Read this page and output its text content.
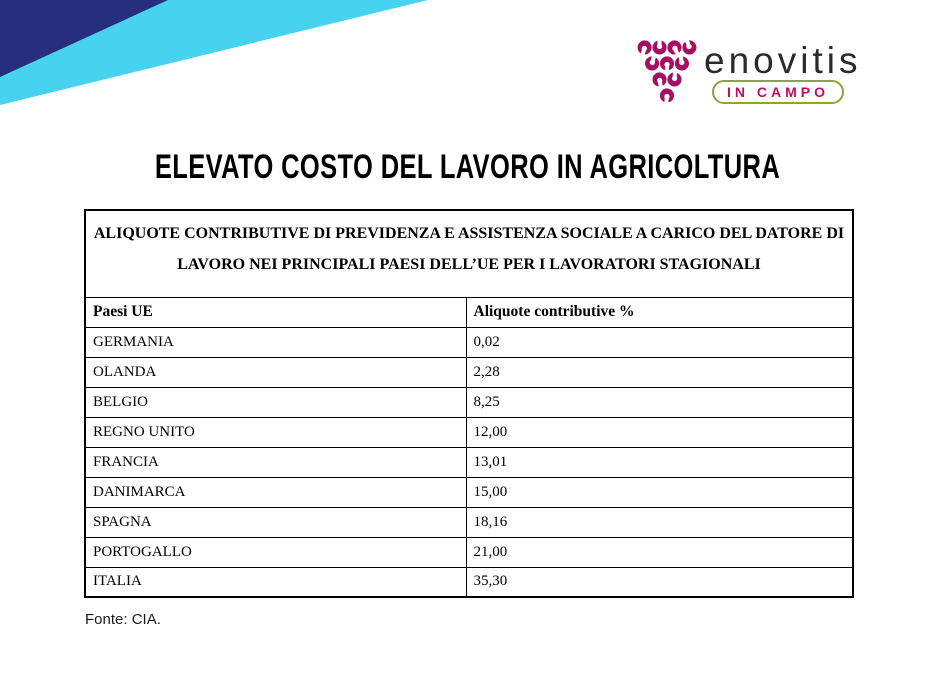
enovitis
IN CAMPO
ELEVATO COSTO DEL LAVORO IN AGRICOLTURA
ALIQUOTE CONTRIBUTIVE DI PREVIDENZA E ASSISTENZA SOCIALE A CARICO DEL DATORE DI
LAVORO NEI PRINCIPALI PAESI DELL’UE PER I LAVORATORI STAGIONALI	
Paesi UE	Aliquote contributive %
GERMANIA	0,02
OLANDA	2,28
BELGIO	8,25
REGNO UNITO	12,00
FRANCIA	13,01
DANIMARCA	15,00
SPAGNA	18,16
PORTOGALLO	21,00
ITALIA	35,30
Fonte: CIA.
